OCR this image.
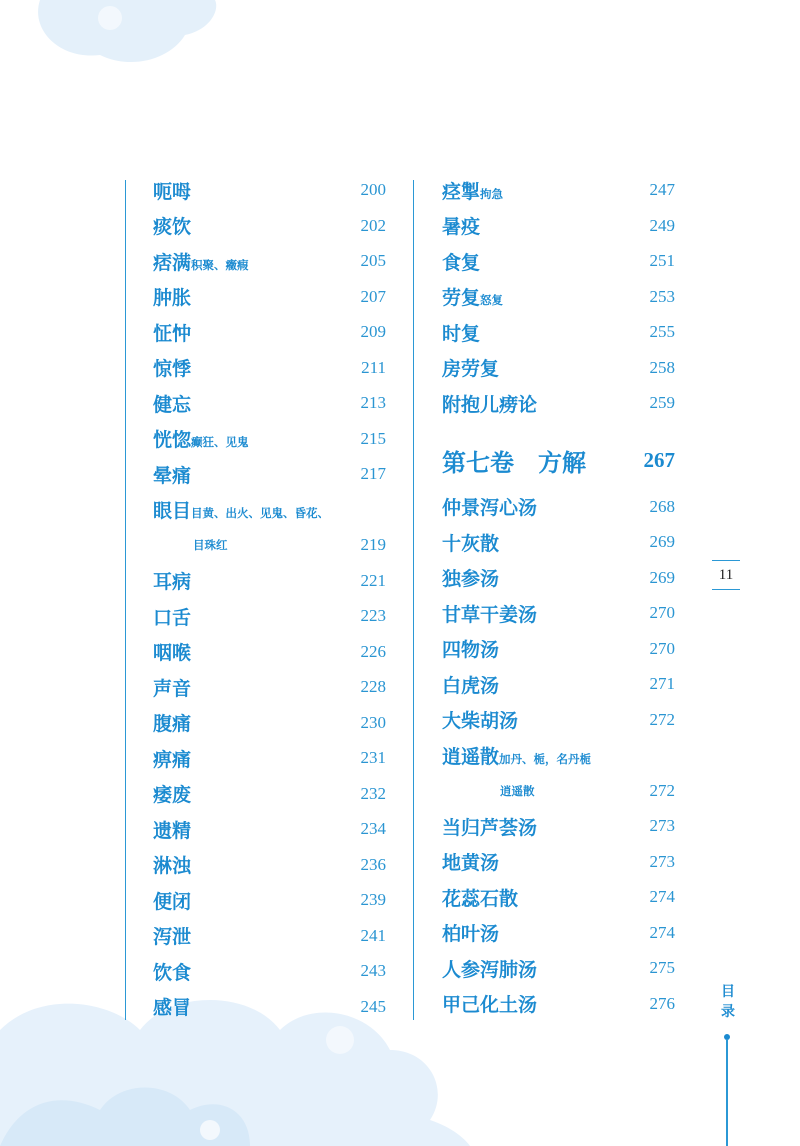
呃呣	200
痰饮	202
痞满积聚、癥瘕	205
肿胀	207
怔忡	209
惊悸	211
健忘	213
恍惚癫狂、见鬼	215
晕痛	217
眼目目黄、出火、见鬼、昏花、
目珠红	219
耳病	221
口舌	223
咽喉	226
声音	228
腹痛	230
痹痛	231
痿废	232
遗精	234
淋浊	236
便闭	239
泻泄	241
饮食	243
感冒	245
痉掣拘急	247
暑疫	249
食复	251
劳复怒复	253
时复	255
房劳复	258
附抱儿痨论	259
第七卷　方解	267
仲景泻心汤	268
十灰散	269
独参汤	269
甘草干姜汤	270
四物汤	270
白虎汤	271
大柴胡汤	272
逍遥散加丹、栀，名丹栀
逍遥散	272
当归芦荟汤	273
地黄汤	273
花蕊石散	274
柏叶汤	274
人参泻肺汤	275
甲己化土汤	276
11
目录
